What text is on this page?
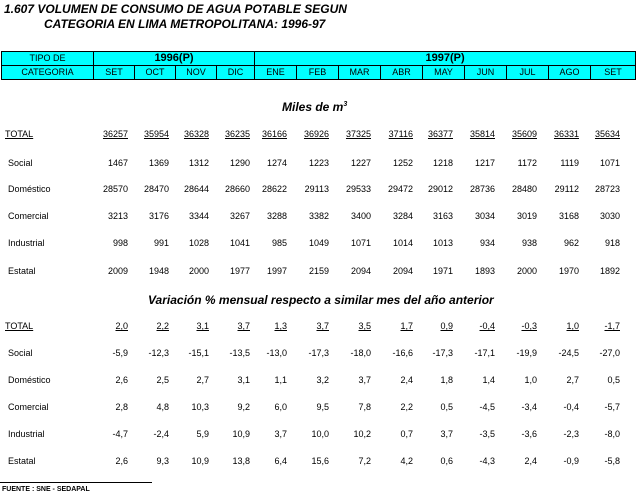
1.607 VOLUMEN DE CONSUMO DE AGUA POTABLE SEGUN
CATEGORIA EN LIMA METROPOLITANA: 1996-97
TIPO DE	1996(P)				1997(P)								
CATEGORIA	SET	OCT	NOV	DIC	ENE	FEB	MAR	ABR	MAY	JUN	JUL	AGO	SET
Miles de $m^3$
Variación % mensual respecto a similar mes del año anterior
TOTAL	36257	35954	36328	36235	36166	36926	37325	37116	36377	35814	35609	36331	35634
Social	1467	1369	1312	1290	1274	1223	1227	1252	1218	1217	1172	1119	1071
Doméstico	28570	28470	28644	28660	28622	29113	29533	29472	29012	28736	28480	29112	28723
Comercial	3213	3176	3344	3267	3288	3382	3400	3284	3163	3034	3019	3168	3030
Industrial	998	991	1028	1041	985	1049	1071	1014	1013	934	938	962	918
Estatal	2009	1948	2000	1977	1997	2159	2094	2094	1971	1893	2000	1970	1892
TOTAL	2,0	2,2	3,1	3,7	1,3	3,7	3,5	1,7	0,9	-0,4	-0,3	1,0	-1,7
Social	-5,9	-12,3	-15,1	-13,5	-13,0	-17,3	-18,0	-16,6	-17,3	-17,1	-19,9	-24,5	-27,0
Doméstico	2,6	2,5	2,7	3,1	1,1	3,2	3,7	2,4	1,8	1,4	1,0	2,7	0,5
Comercial	2,8	4,8	10,3	9,2	6,0	9,5	7,8	2,2	0,5	-4,5	-3,4	-0,4	-5,7
Industrial	-4,7	-2,4	5,9	10,9	3,7	10,0	10,2	0,7	3,7	-3,5	-3,6	-2,3	-8,0
Estatal	2,6	9,3	10,9	13,8	6,4	15,6	7,2	4,2	0,6	-4,3	2,4	-0,9	-5,8
FUENTE : SNE - SEDAPAL
